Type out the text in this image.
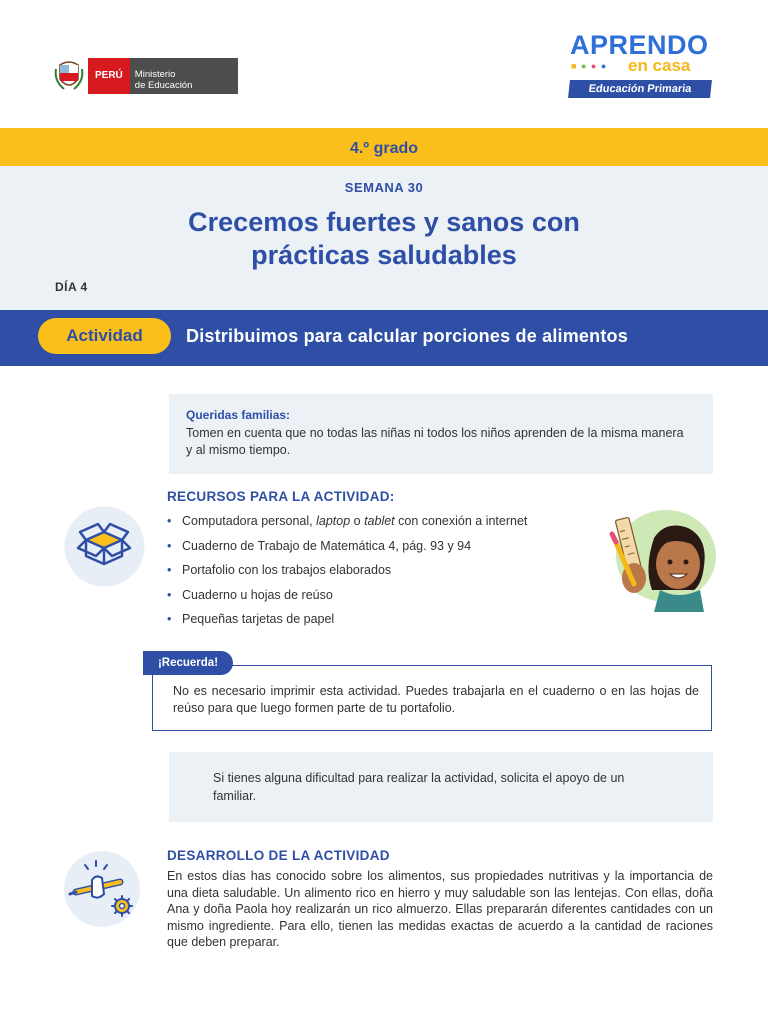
PERÚ	Ministerio
de Educación
APRENDO
■ ● ● ● en casa
Educación Primaria
4.º grado
SEMANA 30
Crecemos fuertes y sanos con
prácticas saludables
DÍA 4
Actividad	Distribuimos para calcular porciones de alimentos
Queridas familias:
Tomen en cuenta que no todas las niñas ni todos los niños aprenden de la misma manera y al mismo tiempo.
RECURSOS PARA LA ACTIVIDAD:
• Computadora personal, laptop o tablet con conexión a internet
• Cuaderno de Trabajo de Matemática 4, pág. 93 y 94
• Portafolio con los trabajos elaborados
• Cuaderno u hojas de reúso
• Pequeñas tarjetas de papel
¡Recuerda!
No es necesario imprimir esta actividad. Puedes trabajarla en el cuaderno o en las hojas de reúso para que luego formen parte de tu portafolio.
Si tienes alguna dificultad para realizar la actividad, solicita el apoyo de un familiar.
DESARROLLO DE LA ACTIVIDAD
En estos días has conocido sobre los alimentos, sus propiedades nutritivas y la importancia de una dieta saludable. Un alimento rico en hierro y muy saludable son las lentejas. Con ellas, doña Ana y doña Paola hoy realizarán un rico almuerzo. Ellas prepararán diferentes cantidades con un mismo ingrediente. Para ello, tienen las medidas exactas de acuerdo a la cantidad de raciones que deben preparar.
